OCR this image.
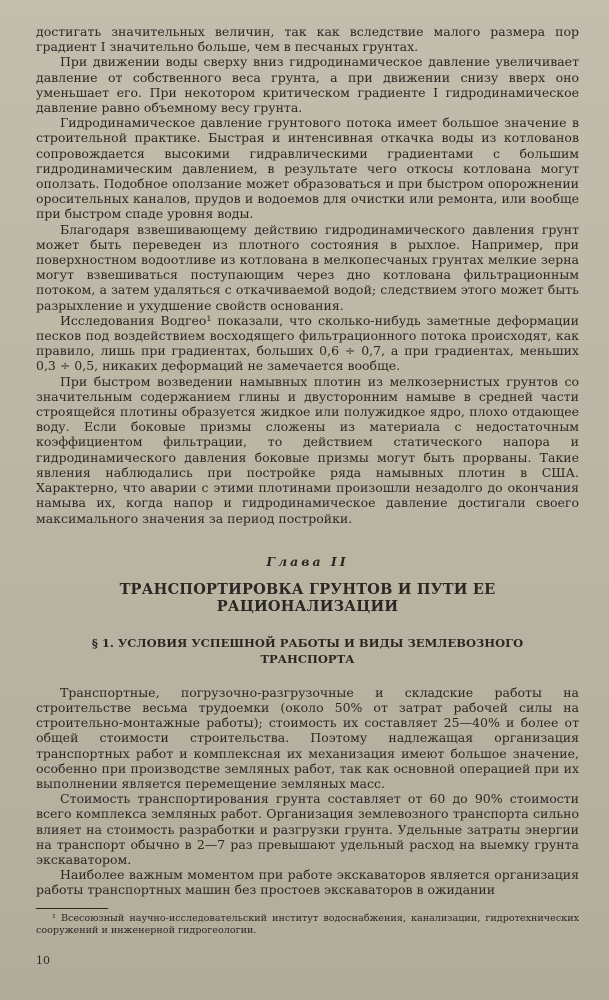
достигать значительных величин, так как вследствие малого размера пор градиент I значительно больше, чем в песчаных грунтах.

При движении воды сверху вниз гидродинамическое давление увеличивает давление от собственного веса грунта, а при движении снизу вверх оно уменьшает его. При некотором критическом градиенте I гидродинамическое давление равно объемному весу грунта.

Гидродинамическое давление грунтового потока имеет большое значение в строительной практике. Быстрая и интенсивная откачка воды из котлованов сопровождается высокими гидравлическими градиентами с большим гидродинамическим давлением, в результате чего откосы котлована могут оползать. Подобное оползание может образоваться и при быстром опорожнении оросительных каналов, прудов и водоемов для очистки или ремонта, или вообще при быстром спаде уровня воды.

Благодаря взвешивающему действию гидродинамического давления грунт может быть переведен из плотного состояния в рыхлое. Например, при поверхностном водоотливе из котлована в мелкопесчаных грунтах мелкие зерна могут взвешиваться поступающим через дно котлована фильтрационным потоком, а затем удаляться с откачиваемой водой; следствием этого может быть разрыхление и ухудшение свойств основания.

Исследования Водгео¹ показали, что сколько-нибудь заметные деформации песков под воздействием восходящего фильтрационного потока происходят, как правило, лишь при градиентах, больших 0,6 ÷ 0,7, а при градиентах, меньших 0,3 ÷ 0,5, никаких деформаций не замечается вообще.

При быстром возведении намывных плотин из мелкозернистых грунтов со значительным содержанием глины и двусторонним намыве в средней части строящейся плотины образуется жидкое или полужидкое ядро, плохо отдающее воду. Если боковые призмы сложены из материала с недостаточным коэффициентом фильтрации, то действием статического напора и гидродинамического давления боковые призмы могут быть прорваны. Такие явления наблюдались при постройке ряда намывных плотин в США. Характерно, что аварии с этими плотинами произошли незадолго до окончания намыва их, когда напор и гидродинамическое давление достигали своего максимального значения за период постройки.

Глава II
ТРАНСПОРТИРОВКА ГРУНТОВ И ПУТИ ЕЕ РАЦИОНАЛИЗАЦИИ
§ 1. УСЛОВИЯ УСПЕШНОЙ РАБОТЫ И ВИДЫ ЗЕМЛЕВОЗНОГО ТРАНСПОРТА

Транспортные, погрузочно-разгрузочные и складские работы на строительстве весьма трудоемки (около 50% от затрат рабочей силы на строительно-монтажные работы); стоимость их составляет 25—40% и более от общей стоимости строительства. Поэтому надлежащая организация транспортных работ и комплексная их механизация имеют большое значение, особенно при производстве земляных работ, так как основной операцией при их выполнении является перемещение земляных масс.

Стоимость транспортирования грунта составляет от 60 до 90% стоимости всего комплекса земляных работ. Организация землевозного транспорта сильно влияет на стоимость разработки и разгрузки грунта. Удельные затраты энергии на транспорт обычно в 2—7 раз превышают удельный расход на выемку грунта экскаватором.

Наиболее важным моментом при работе экскаваторов является организация работы транспортных машин без простоев экскаваторов в ожидании

¹ Всесоюзный научно-исследовательский институт водоснабжения, канализации, гидротехнических сооружений и инженерной гидрогеологии.
10
